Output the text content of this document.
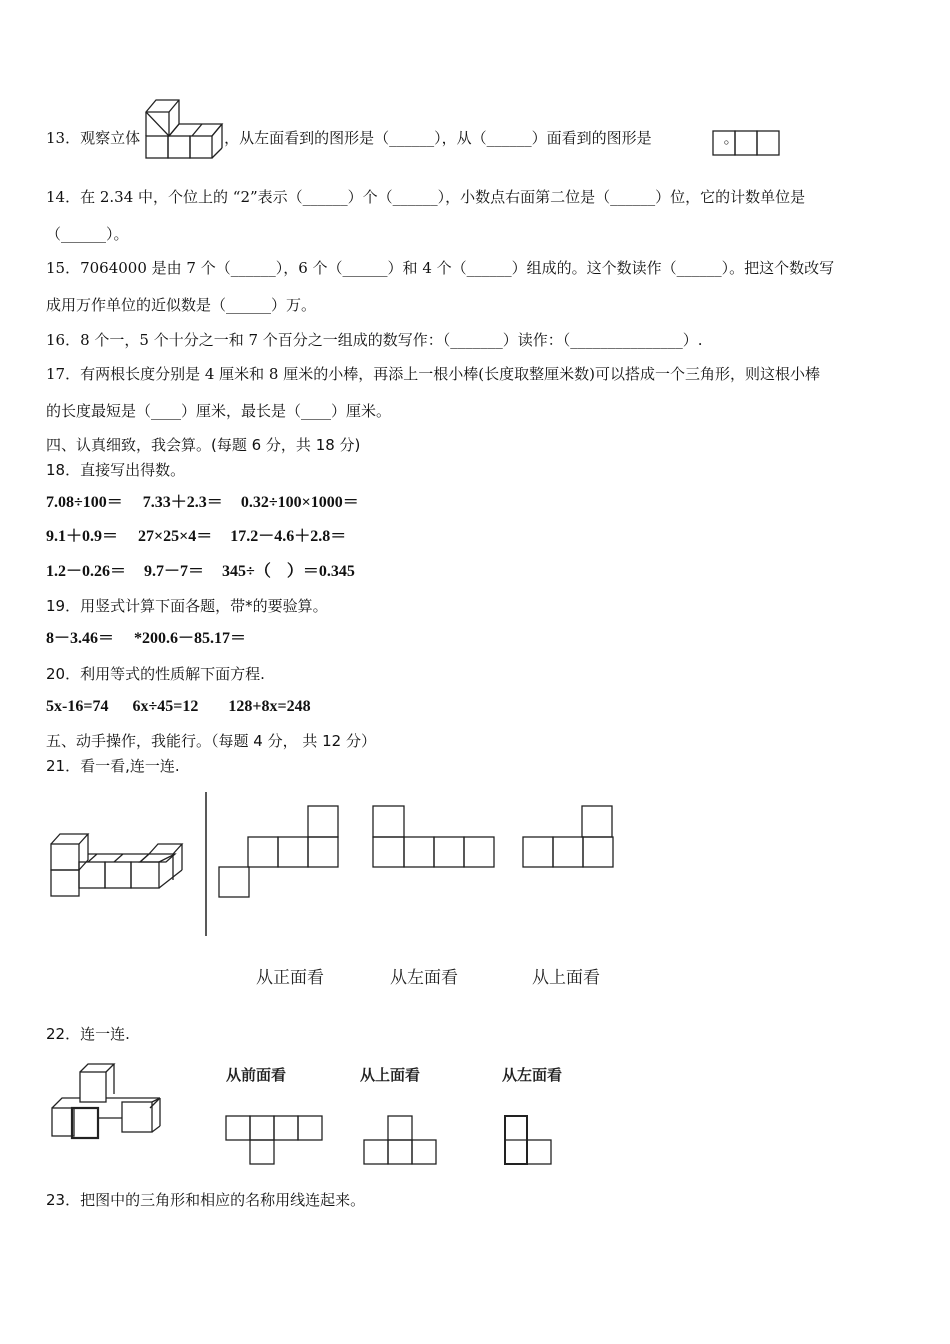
13．观察立体	，从左面看到的图形是（______），从（______）面看到的图形是	。
14．在 2.34 中，个位上的 “2”表示（______）个（______），小数点右面第二位是（______）位，它的计数单位是
（______）。
15．7064000 是由 7 个（______），6 个（______）和 4 个（______）组成的。这个数读作（______）。把这个数改写
成用万作单位的近似数是（______）万。
16．8 个一，5 个十分之一和 7 个百分之一组成的数写作：（_______）读作：（_______________）.
17．有两根长度分别是 4 厘米和 8 厘米的小棒，再添上一根小棒(长度取整厘米数)可以搭成一个三角形，则这根小棒
的长度最短是（____）厘米，最长是（____）厘米。
四、认真细致，我会算。(每题 6 分，共 18 分)
18．直接写出得数。
7.08÷100＝ 7.33＋2.3＝ 0.32÷100×1000＝
9.1＋0.9＝ 27×25×4＝ 17.2－4.6＋2.8＝
1.2－0.26＝ 9.7－7＝ 345÷（　）＝0.345
19．用竖式计算下面各题，带*的要验算。
8－3.46＝ *200.6－85.17＝
20．利用等式的性质解下面方程.
5x-16=74 6x÷45=12 128+8x=248
五、动手操作，我能行。（每题 4 分， 共 12 分）
21．看一看,连一连.
从正面看	从左面看	从上面看
22．连一连.
从前面看	从上面看	从左面看
23．把图中的三角形和相应的名称用线连起来。
